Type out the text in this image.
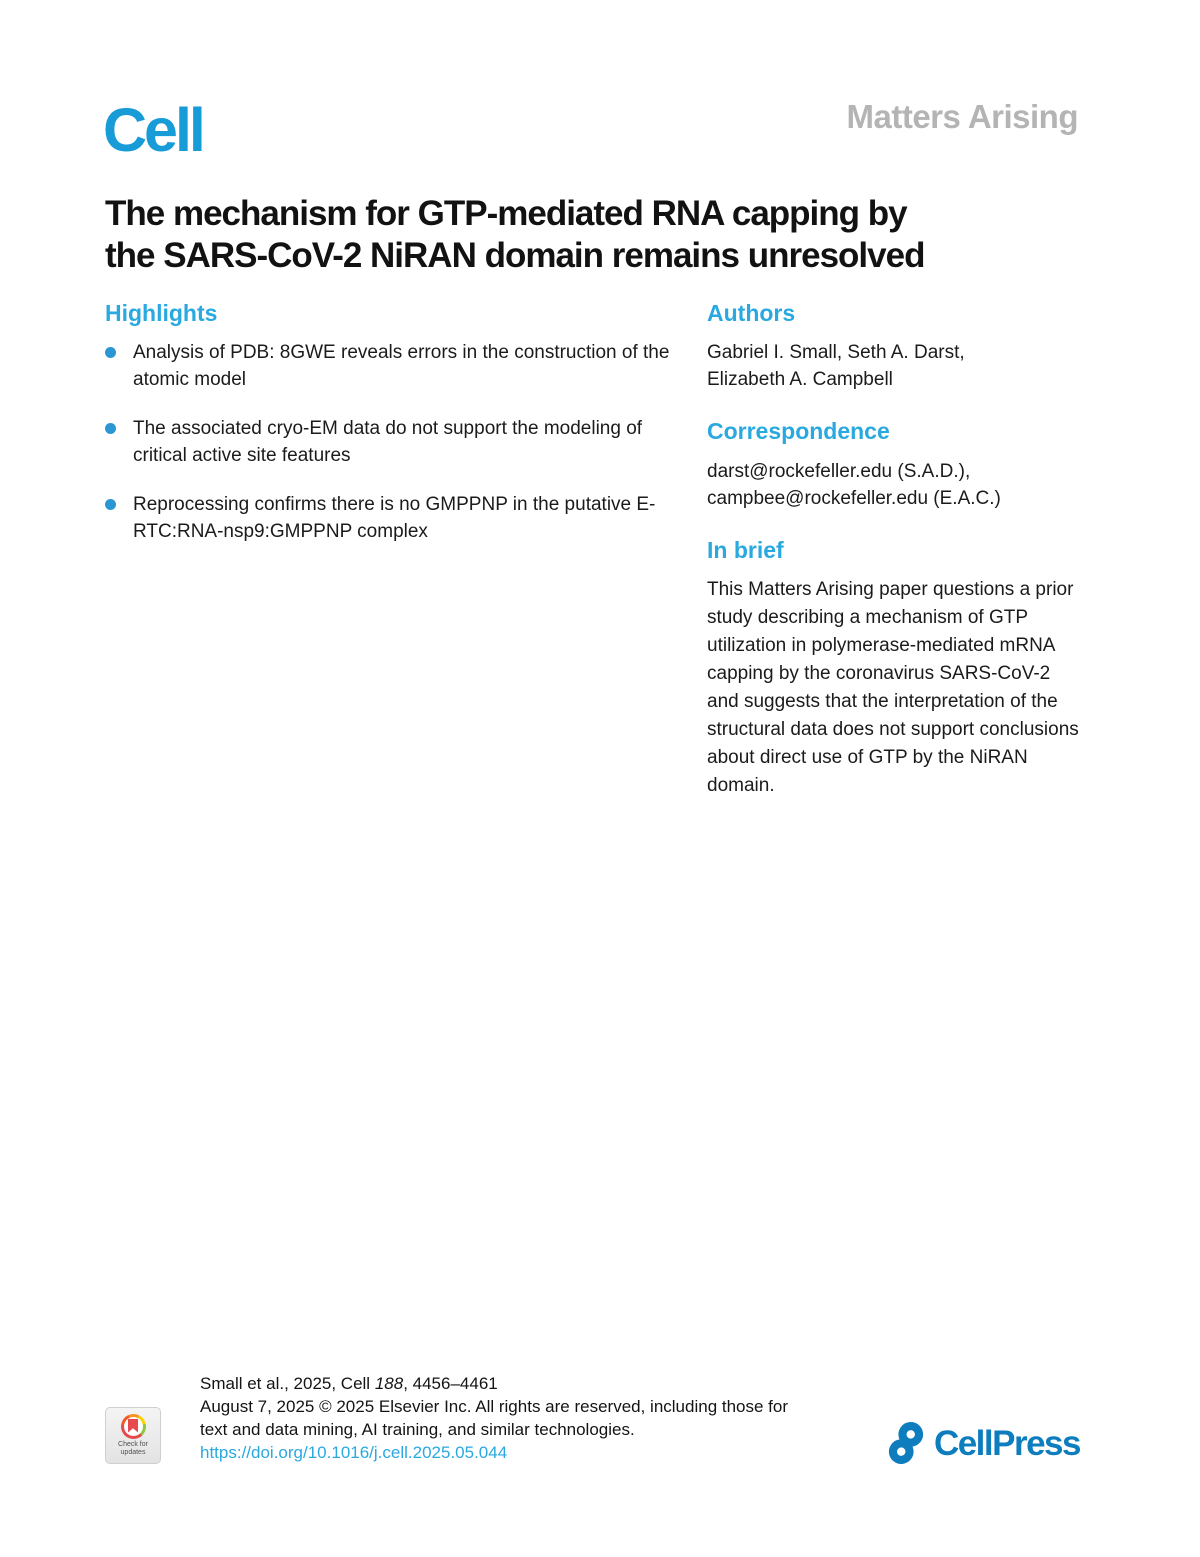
Cell	Matters Arising
The mechanism for GTP-mediated RNA capping by
the SARS-CoV-2 NiRAN domain remains unresolved
Highlights
Analysis of PDB: 8GWE reveals errors in the construction of the atomic model
The associated cryo-EM data do not support the modeling of critical active site features
Reprocessing confirms there is no GMPPNP in the putative E-RTC:RNA-nsp9:GMPPNP complex
Authors

Gabriel I. Small, Seth A. Darst,

Elizabeth A. Campbell

Correspondence

darst@rockefeller.edu (S.A.D.),

campbee@rockefeller.edu (E.A.C.)

In brief

This Matters Arising paper questions a prior study describing a mechanism of GTP utilization in polymerase-mediated mRNA capping by the coronavirus SARS-CoV-2 and suggests that the interpretation of the structural data does not support conclusions about direct use of GTP by the NiRAN domain.

Check for
updates
Small et al., 2025, Cell 188, 4456–4461
August 7, 2025 © 2025 Elsevier Inc. All rights are reserved, including those for
text and data mining, AI training, and similar technologies.
https://doi.org/10.1016/j.cell.2025.05.044	CellPress
